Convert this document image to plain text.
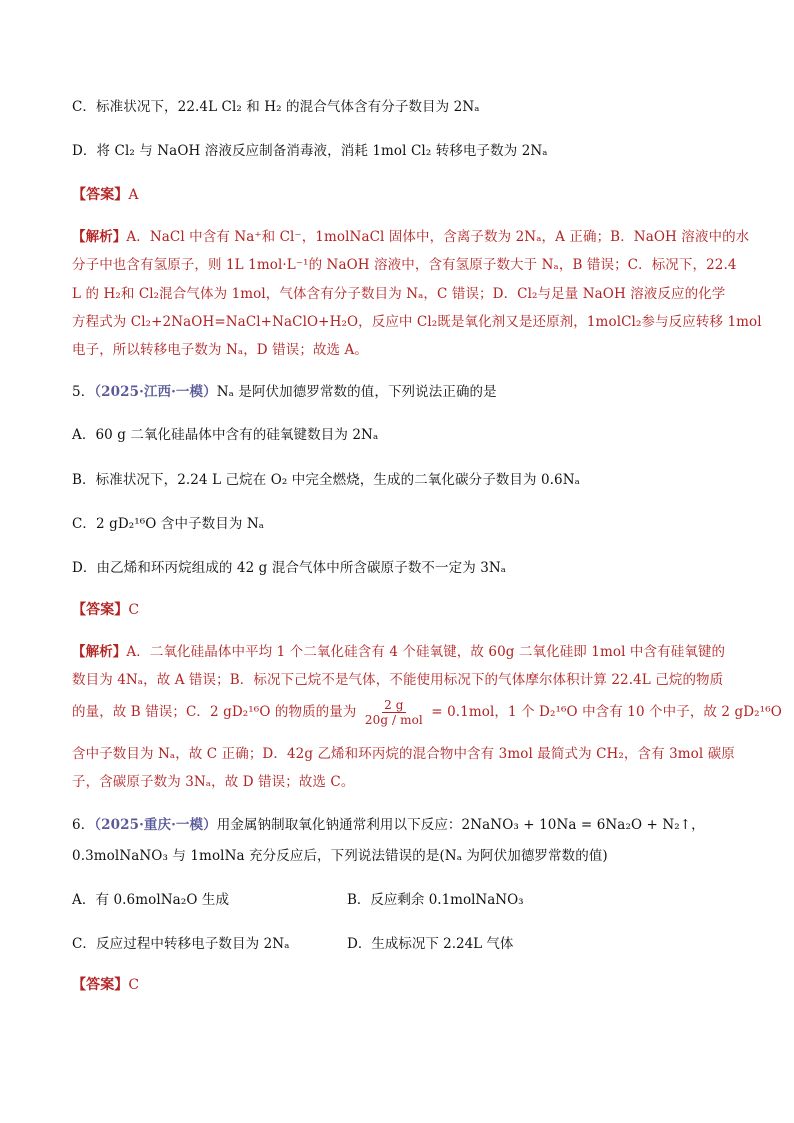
C．标准状况下，22.4L Cl₂ 和 H₂ 的混合气体含有分子数目为 2Nₐ
D．将 Cl₂ 与 NaOH 溶液反应制备消毒液，消耗 1mol Cl₂ 转移电子数为 2Nₐ
【答案】A
【解析】A．NaCl 中含有 Na⁺和 Cl⁻，1molNaCl 固体中，含离子数为 2Nₐ，A 正确；B．NaOH 溶液中的水
分子中也含有氢原子，则 1L 1mol·L⁻¹的 NaOH 溶液中，含有氢原子数大于 Nₐ，B 错误；C．标况下，22.4
L 的 H₂和 Cl₂混合气体为 1mol，气体含有分子数目为 Nₐ，C 错误；D．Cl₂与足量 NaOH 溶液反应的化学
方程式为 Cl₂+2NaOH=NaCl+NaClO+H₂O，反应中 Cl₂既是氧化剂又是还原剂，1molCl₂参与反应转移 1mol
电子，所以转移电子数为 Nₐ，D 错误；故选 A。
5．（2025·江西·一模）Nₐ 是阿伏加德罗常数的值，下列说法正确的是
A．60 g 二氧化硅晶体中含有的硅氧键数目为 2Nₐ
B．标准状况下，2.24 L 己烷在 O₂ 中完全燃烧，生成的二氧化碳分子数目为 0.6Nₐ
C．2 gD₂¹⁶O 含中子数目为 Nₐ
D．由乙烯和环丙烷组成的 42 g 混合气体中所含碳原子数不一定为 3Nₐ
【答案】C
【解析】A．二氧化硅晶体中平均 1 个二氧化硅含有 4 个硅氧键，故 60g 二氧化硅即 1mol 中含有硅氧键的
数目为 4Nₐ，故 A 错误；B．标况下己烷不是气体，不能使用标况下的气体摩尔体积计算 22.4L 己烷的物质
的量，故 B 错误；C．2 gD₂¹⁶O 的物质的量为 $\frac{2 g}{\text{20g / mol}} = 0.1mol$，1 个 D₂¹⁶O 中含有 10 个中子，故 2 gD₂¹⁶O
含中子数目为 Nₐ，故 C 正确；D．42g 乙烯和环丙烷的混合物中含有 3mol 最简式为 CH₂，含有 3mol 碳原
子，含碳原子数为 3Nₐ，故 D 错误；故选 C。
6．（2025·重庆·一模）用金属钠制取氧化钠通常利用以下反应：2NaNO₃ + 10Na = 6Na₂O + N₂↑，
0.3molNaNO₃ 与 1molNa 充分反应后，下列说法错误的是(Nₐ 为阿伏加德罗常数的值)
A．有 0.6molNa₂O 生成	B．反应剩余 0.1molNaNO₃
C．反应过程中转移电子数目为 2Nₐ	D．生成标况下 2.24L 气体
【答案】C
